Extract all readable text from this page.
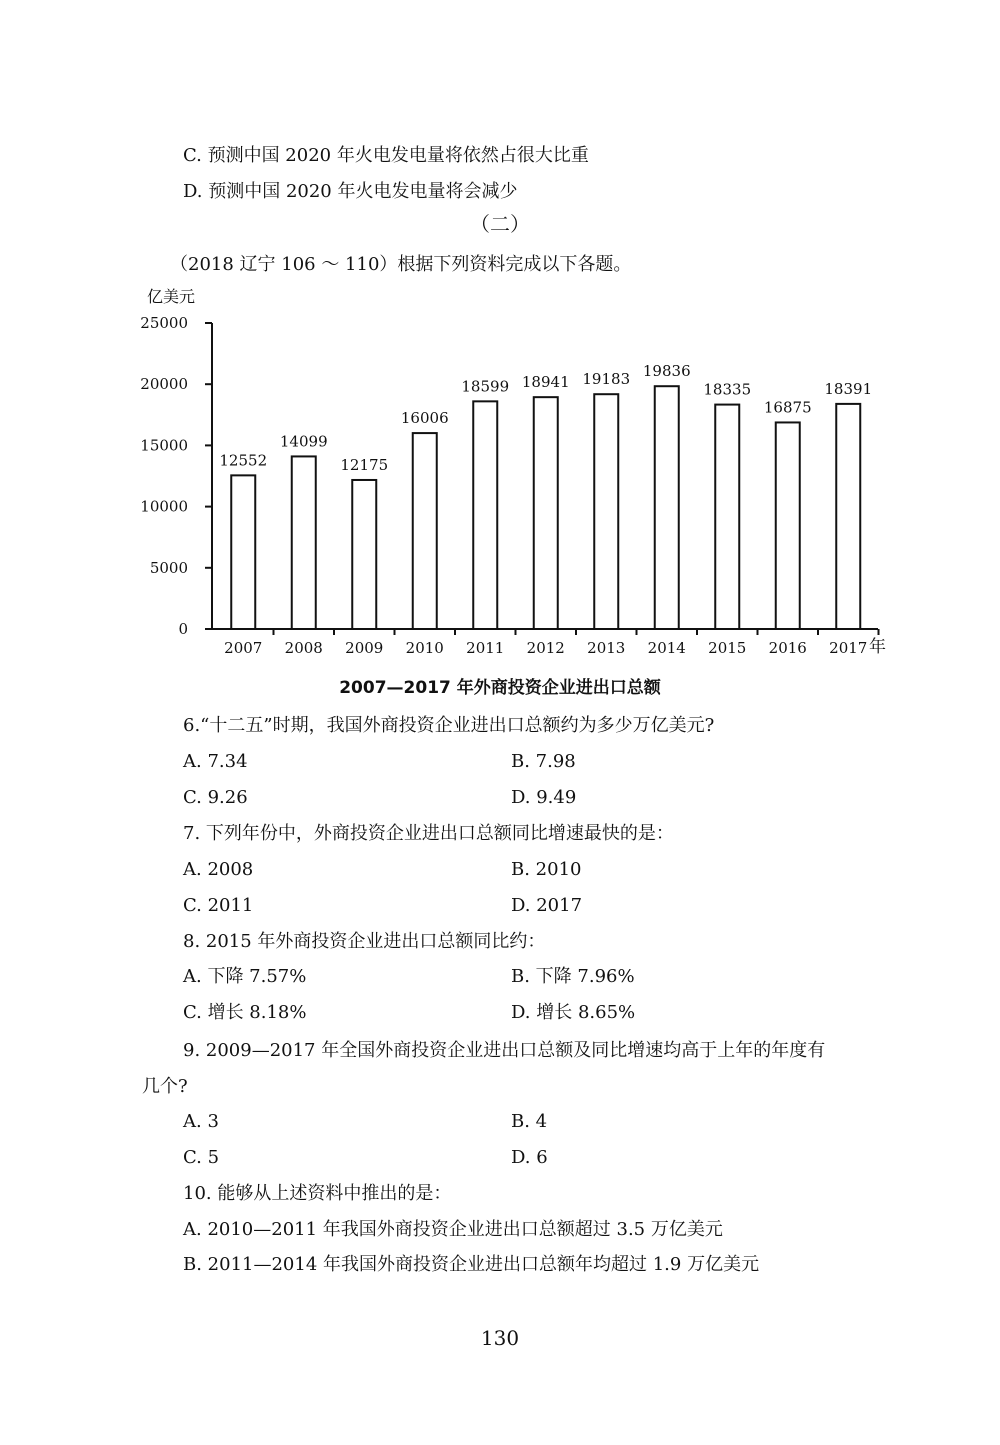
C. 预测中国 2020 年火电发电量将依然占很大比重
D. 预测中国 2020 年火电发电量将会减少
（二）
（2018 辽宁 106 ～ 110）根据下列资料完成以下各题。
亿美元
0
5000
10000
15000
20000
25000
12552
2007
14099
2008
12175
2009
16006
2010
18599
2011
18941
2012
19183
2013
19836
2014
18335
2015
16875
2016
18391
2017 年
2007—2017 年外商投资企业进出口总额
6.“十二五”时期，我国外商投资企业进出口总额约为多少万亿美元?
A. 7.34	B. 7.98
C. 9.26	D. 9.49
7. 下列年份中，外商投资企业进出口总额同比增速最快的是：
A. 2008	B. 2010
C. 2011	D. 2017
8. 2015 年外商投资企业进出口总额同比约：
A. 下降 7.57%	B. 下降 7.96%
C. 增长 8.18%	D. 增长 8.65%
9. 2009—2017 年全国外商投资企业进出口总额及同比增速均高于上年的年度有
几个?
A. 3	B. 4
C. 5	D. 6
10. 能够从上述资料中推出的是：
A. 2010—2011 年我国外商投资企业进出口总额超过 3.5 万亿美元
B. 2011—2014 年我国外商投资企业进出口总额年均超过 1.9 万亿美元
130
